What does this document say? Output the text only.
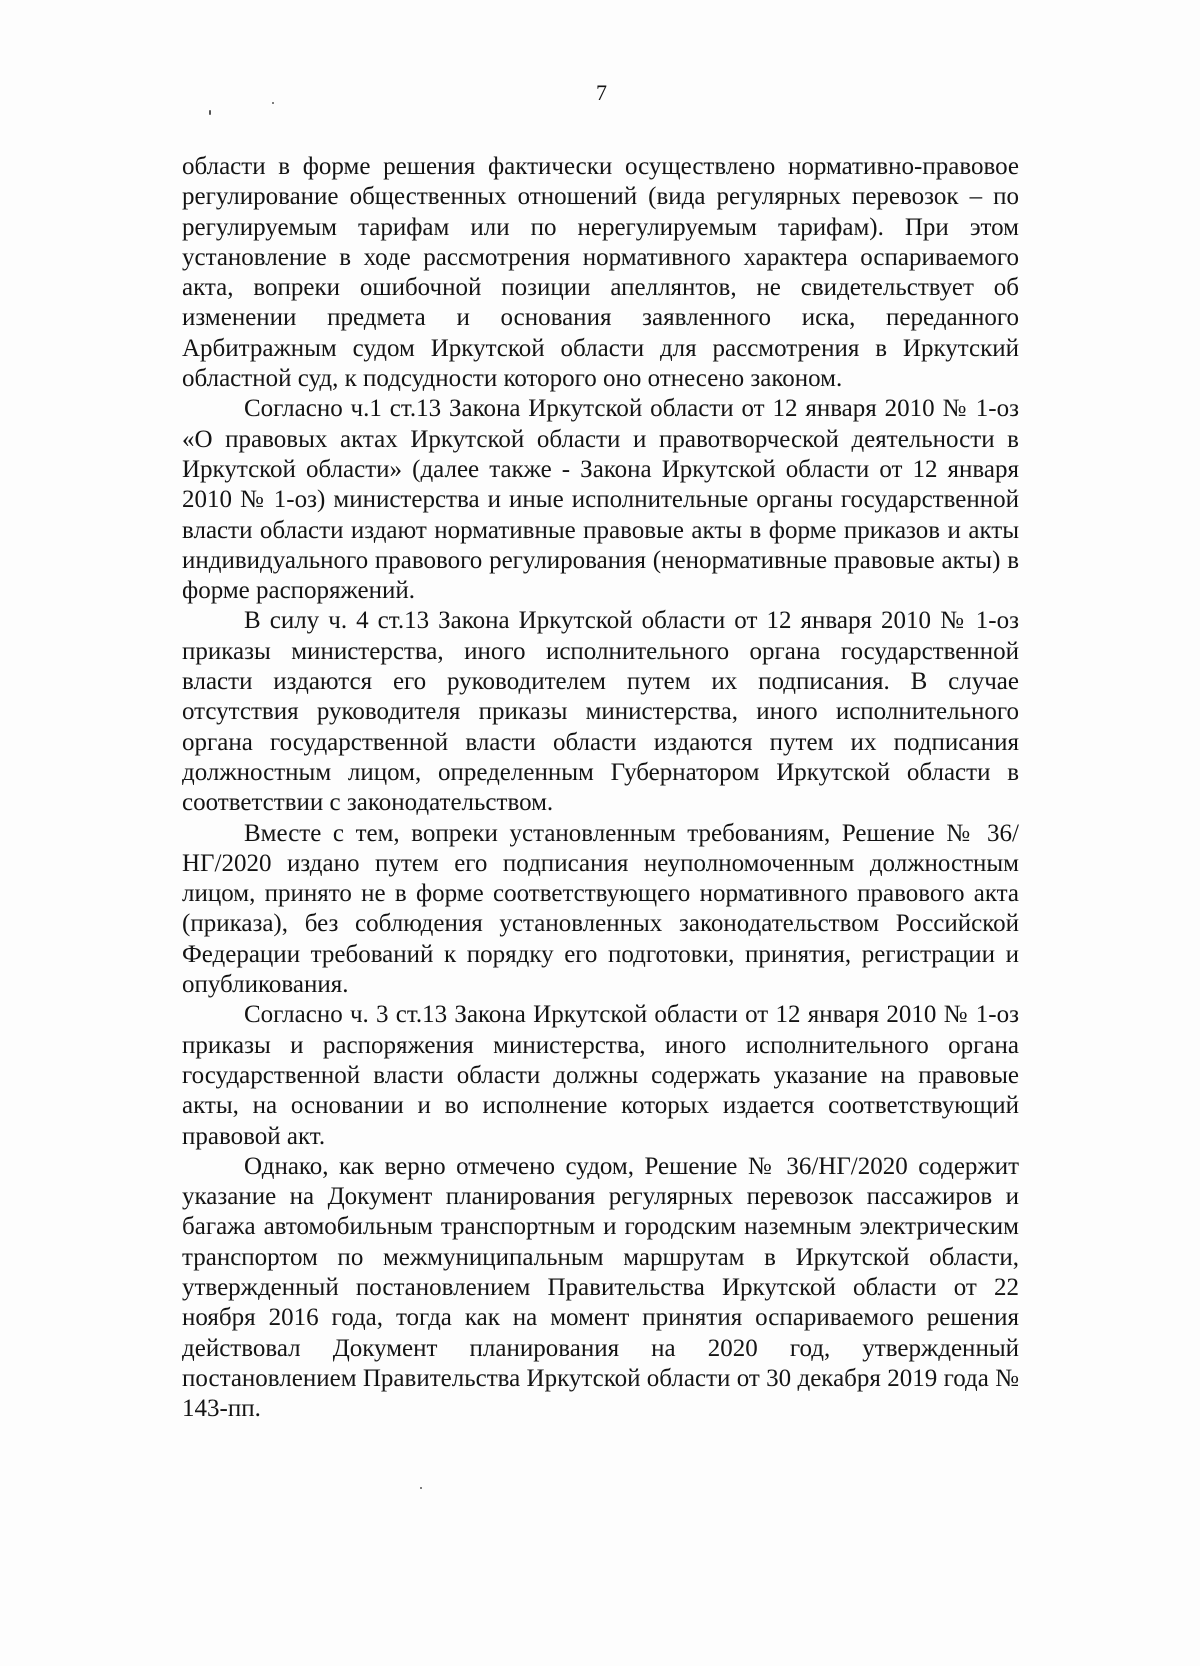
7

области в форме решения фактически осуществлено нормативно-правовое регулирование общественных отношений (вида регулярных перевозок – по регулируемым тарифам или по нерегулируемым тарифам). При этом установление в ходе рассмотрения нормативного характера оспариваемого акта, вопреки ошибочной позиции апеллянтов, не свидетельствует об изменении предмета и основания заявленного иска, переданного Арбитражным судом Иркутской области для рассмотрения в Иркутский областной суд, к подсудности которого оно отнесено законом.

Согласно ч.1 ст.13 Закона Иркутской области от 12 января 2010 № 1-оз «О правовых актах Иркутской области и правотворческой деятельности в Иркутской области» (далее также - Закона Иркутской области от 12 января 2010 № 1-оз) министерства и иные исполнительные органы государственной власти области издают нормативные правовые акты в форме приказов и акты индивидуального правового регулирования (ненормативные правовые акты) в форме распоряжений.

В силу ч. 4 ст.13 Закона Иркутской области от 12 января 2010 № 1-оз приказы министерства, иного исполнительного органа государственной власти издаются его руководителем путем их подписания. В случае отсутствия руководителя приказы министерства, иного исполнительного органа государственной власти области издаются путем их подписания должностным лицом, определенным Губернатором Иркутской области в соответствии с законодательством.

Вместе с тем, вопреки установленным требованиям, Решение № 36/НГ/2020 издано путем его подписания неуполномоченным должностным лицом, принято не в форме соответствующего нормативного правового акта (приказа), без соблюдения установленных законодательством Российской Федерации требований к порядку его подготовки, принятия, регистрации и опубликования.

Согласно ч. 3 ст.13 Закона Иркутской области от 12 января 2010 № 1-оз приказы и распоряжения министерства, иного исполнительного органа государственной власти области должны содержать указание на правовые акты, на основании и во исполнение которых издается соответствующий правовой акт.

Однако, как верно отмечено судом, Решение № 36/НГ/2020 содержит указание на Документ планирования регулярных перевозок пассажиров и багажа автомобильным транспортным и городским наземным электрическим транспортом по межмуниципальным маршрутам в Иркутской области, утвержденный постановлением Правительства Иркутской области от 22 ноября 2016 года, тогда как на момент принятия оспариваемого решения действовал Документ планирования на 2020 год, утвержденный постановлением Правительства Иркутской области от 30 декабря 2019 года № 143-пп.
